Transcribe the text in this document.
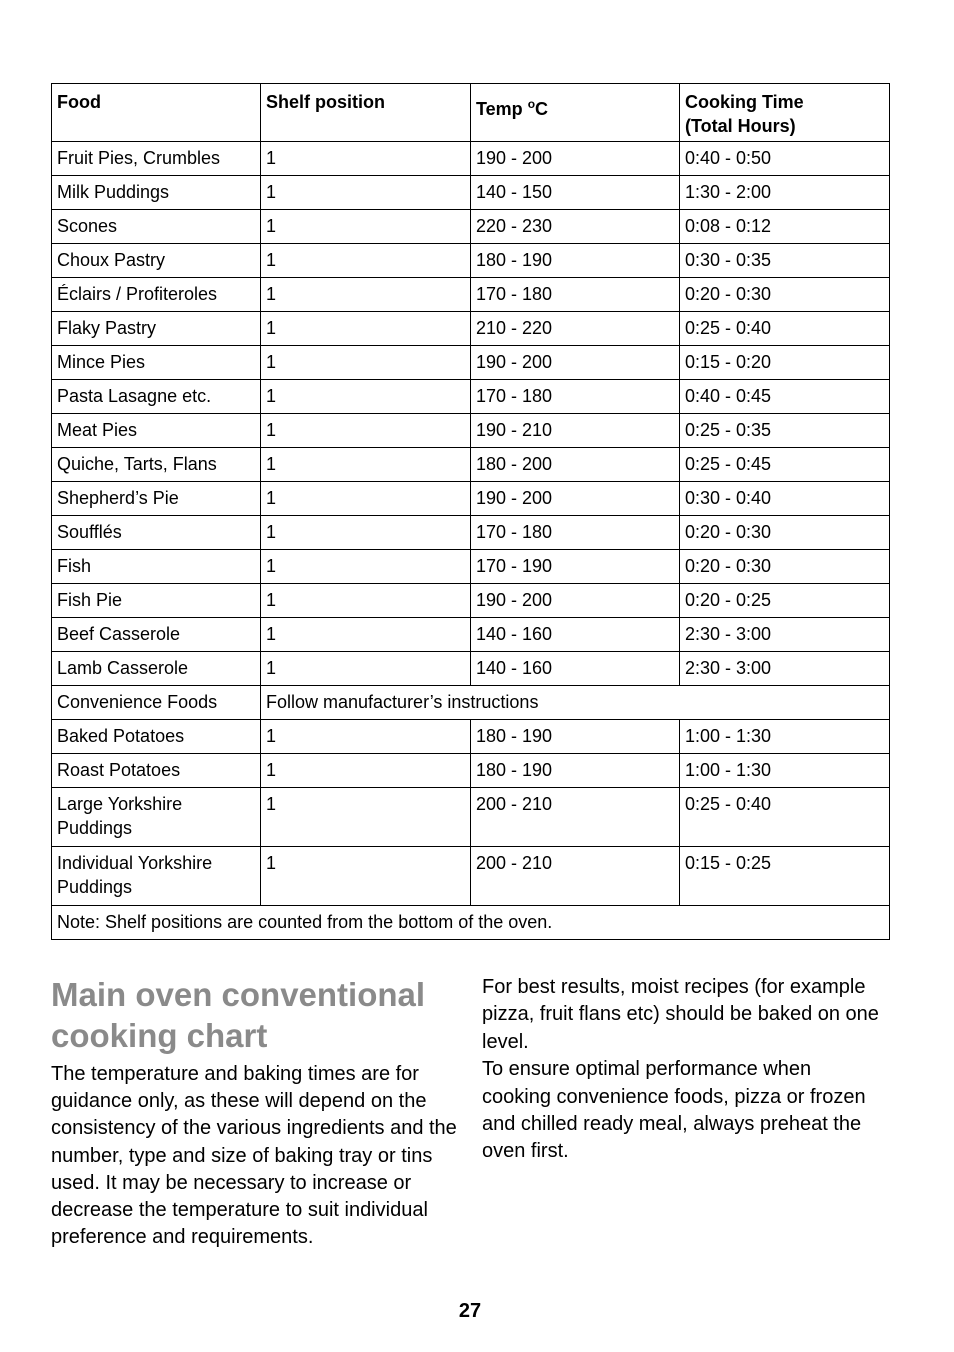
Food	Shelf position	Temp $^o$C	Cooking Time
(Total Hours)
Fruit Pies, Crumbles	1	190 - 200	0:40 - 0:50
Milk Puddings	1	140 - 150	1:30 - 2:00
Scones	1	220 - 230	0:08 - 0:12
Choux Pastry	1	180 - 190	0:30 - 0:35
Éclairs / Profiteroles	1	170 - 180	0:20 - 0:30
Flaky Pastry	1	210 - 220	0:25 - 0:40
Mince Pies	1	190 - 200	0:15 - 0:20
Pasta Lasagne etc.	1	170 - 180	0:40 - 0:45
Meat Pies	1	190 - 210	0:25 - 0:35
Quiche, Tarts, Flans	1	180 - 200	0:25 - 0:45
Shepherd’s Pie	1	190 - 200	0:30 - 0:40
Soufflés	1	170 - 180	0:20 - 0:30
Fish	1	170 - 190	0:20 - 0:30
Fish Pie	1	190 - 200	0:20 - 0:25
Beef Casserole	1	140 - 160	2:30 - 3:00
Lamb Casserole	1	140 - 160	2:30 - 3:00
Convenience Foods	Follow manufacturer’s instructions		
Baked Potatoes	1	180 - 190	1:00 - 1:30
Roast Potatoes	1	180 - 190	1:00 - 1:30
Large Yorkshire
Puddings	1	200 - 210	0:25 - 0:40
Individual Yorkshire
Puddings	1	200 - 210	0:15 - 0:25
Note: Shelf positions are counted from the bottom of the oven.			
Main oven conventional
cooking chart

The temperature and baking times are for
guidance only, as these will depend on the
consistency of the various ingredients and the
number, type and size of baking tray or tins
used. It may be necessary to increase or
decrease the temperature to suit individual
preference and requirements.

For best results, moist recipes (for example
pizza, fruit flans etc) should be baked on one
level.

To ensure optimal performance when
cooking convenience foods, pizza or frozen
and chilled ready meal, always preheat the
oven first.

27
